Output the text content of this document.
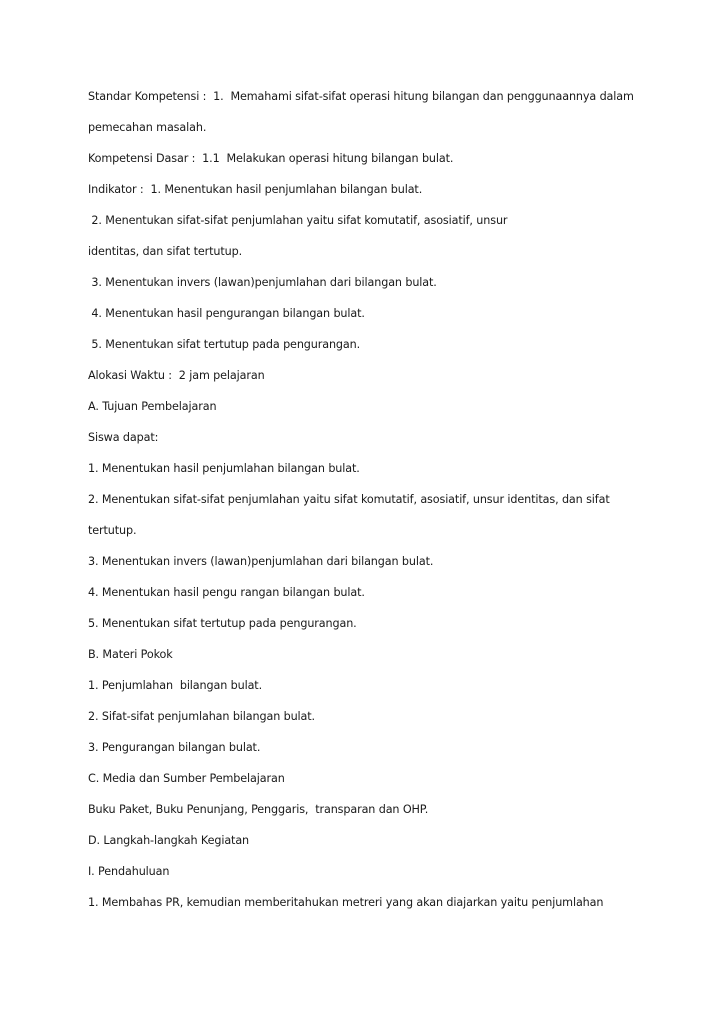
Standar Kompetensi :  1.  Memahami sifat-sifat operasi hitung bilangan dan penggunaannya dalam
pemecahan masalah.
Kompetensi Dasar :  1.1  Melakukan operasi hitung bilangan bulat.
Indikator :  1. Menentukan hasil penjumlahan bilangan bulat.
2. Menentukan sifat-sifat penjumlahan yaitu sifat komutatif, asosiatif, unsur
identitas, dan sifat tertutup.
3. Menentukan invers (lawan)penjumlahan dari bilangan bulat.
4. Menentukan hasil pengurangan bilangan bulat.
5. Menentukan sifat tertutup pada pengurangan.
Alokasi Waktu :  2 jam pelajaran
A. Tujuan Pembelajaran
Siswa dapat:
1. Menentukan hasil penjumlahan bilangan bulat.
2. Menentukan sifat-sifat penjumlahan yaitu sifat komutatif, asosiatif, unsur identitas, dan sifat
tertutup.
3. Menentukan invers (lawan)penjumlahan dari bilangan bulat.
4. Menentukan hasil pengu rangan bilangan bulat.
5. Menentukan sifat tertutup pada pengurangan.
B. Materi Pokok
1. Penjumlahan  bilangan bulat.
2. Sifat-sifat penjumlahan bilangan bulat.
3. Pengurangan bilangan bulat.
C. Media dan Sumber Pembelajaran
Buku Paket, Buku Penunjang, Penggaris,  transparan dan OHP.
D. Langkah-langkah Kegiatan
I. Pendahuluan
1. Membahas PR, kemudian memberitahukan metreri yang akan diajarkan yaitu penjumlahan
